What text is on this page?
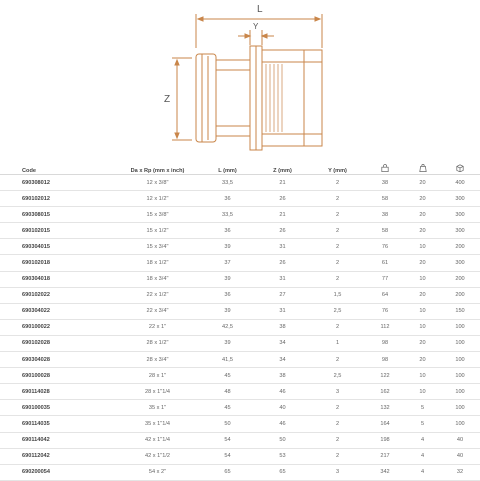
L
Y
Z
Code	Da x Rp (mm x inch)	L (mm)	Z (mm)	Y (mm)			
690308012	12 x 3/8"	33,5	21	2	38	20	400
690102012	12 x 1/2"	36	26	2	58	20	300
690308015	15 x 3/8"	33,5	21	2	38	20	300
690102015	15 x 1/2"	36	26	2	58	20	300
690304015	15 x 3/4"	39	31	2	76	10	200
690102018	18 x 1/2"	37	26	2	61	20	300
690304018	18 x 3/4"	39	31	2	77	10	200
690102022	22 x 1/2"	36	27	1,5	64	20	200
690304022	22 x 3/4"	39	31	2,5	76	10	150
690100022	22 x 1"	42,5	38	2	112	10	100
690102028	28 x 1/2"	39	34	1	98	20	100
690304028	28 x 3/4"	41,5	34	2	98	20	100
690100028	28 x 1"	45	38	2,5	122	10	100
690114028	28 x 1"1/4	48	46	3	162	10	100
690100035	35 x 1"	45	40	2	132	5	100
690114035	35 x 1"1/4	50	46	2	164	5	100
690114042	42 x 1"1/4	54	50	2	198	4	40
690112042	42 x 1"1/2	54	53	2	217	4	40
690200054	54 x 2"	65	65	3	342	4	32
